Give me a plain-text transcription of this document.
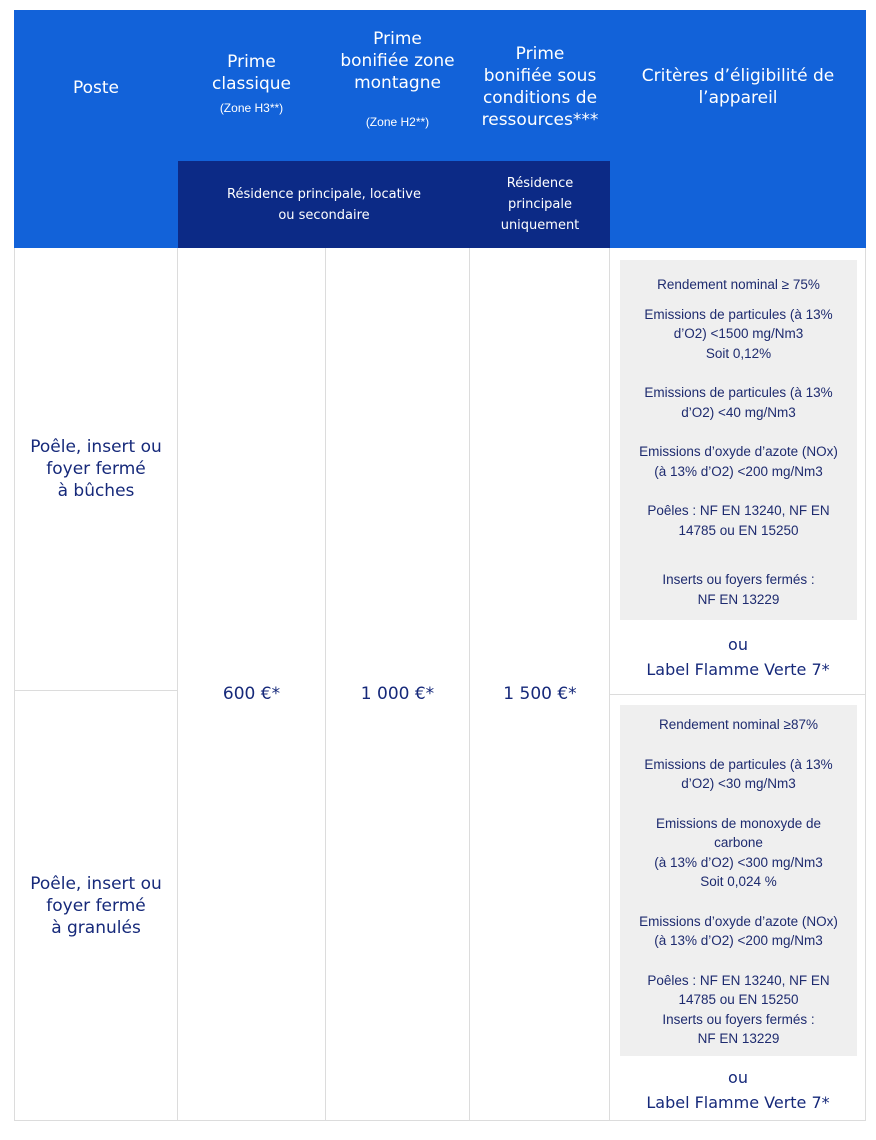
Poste
Prime
classique
(Zone H3**)
Prime
bonifiée zone
montagne
(Zone H2**)
Prime
bonifiée sous
conditions de
ressources***
Critères d’éligibilité de
l’appareil
Résidence principale, locative
ou secondaire
Résidence
principale
uniquement
Poêle, insert ou
foyer fermé
à bûches
Poêle, insert ou
foyer fermé
à granulés
600 €*	1 000 €*	1 500 €*

Rendement nominal ≥ 75%

Emissions de particules (à 13%
d’O2) <1500 mg/Nm3
Soit 0,12%

Emissions de particules (à 13%
d’O2) <40 mg/Nm3

Emissions d’oxyde d’azote (NOx)
(à 13% d’O2) <200 mg/Nm3

Poêles : NF EN 13240, NF EN
14785 ou EN 15250

Inserts ou foyers fermés :
NF EN 13229

ou
Label Flamme Verte 7*

Rendement nominal ≥87%

Emissions de particules (à 13%
d’O2) <30 mg/Nm3

Emissions de monoxyde de
carbone
(à 13% d’O2) <300 mg/Nm3
Soit 0,024 %

Emissions d’oxyde d’azote (NOx)
(à 13% d’O2) <200 mg/Nm3

Poêles : NF EN 13240, NF EN
14785 ou EN 15250
Inserts ou foyers fermés :
NF EN 13229

ou
Label Flamme Verte 7*
